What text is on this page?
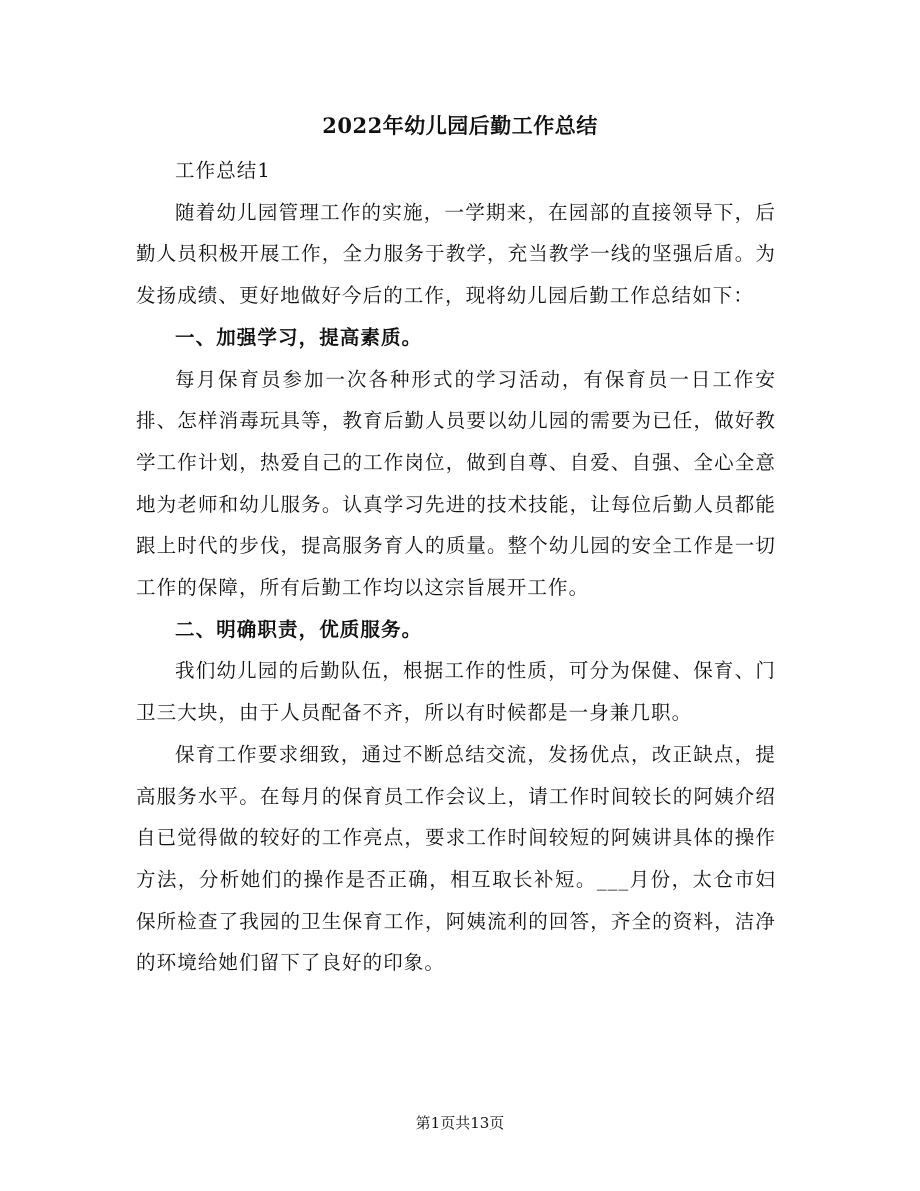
2022年幼儿园后勤工作总结

工作总结1

随着幼儿园管理工作的实施，一学期来，在园部的直接领导下，后勤人员积极开展工作，全力服务于教学，充当教学一线的坚强后盾。为发扬成绩、更好地做好今后的工作，现将幼儿园后勤工作总结如下：

一、加强学习，提高素质。

每月保育员参加一次各种形式的学习活动，有保育员一日工作安排、怎样消毒玩具等，教育后勤人员要以幼儿园的需要为已任，做好教学工作计划，热爱自己的工作岗位，做到自尊、自爱、自强、全心全意地为老师和幼儿服务。认真学习先进的技术技能，让每位后勤人员都能跟上时代的步伐，提高服务育人的质量。整个幼儿园的安全工作是一切工作的保障，所有后勤工作均以这宗旨展开工作。

二、明确职责，优质服务。

我们幼儿园的后勤队伍，根据工作的性质，可分为保健、保育、门卫三大块，由于人员配备不齐，所以有时候都是一身兼几职。

保育工作要求细致，通过不断总结交流，发扬优点，改正缺点，提高服务水平。在每月的保育员工作会议上，请工作时间较长的阿姨介绍自已觉得做的较好的工作亮点，要求工作时间较短的阿姨讲具体的操作方法，分析她们的操作是否正确，相互取长补短。___月份，太仓市妇保所检查了我园的卫生保育工作，阿姨流利的回答，齐全的资料，洁净的环境给她们留下了良好的印象。

第1页共13页
